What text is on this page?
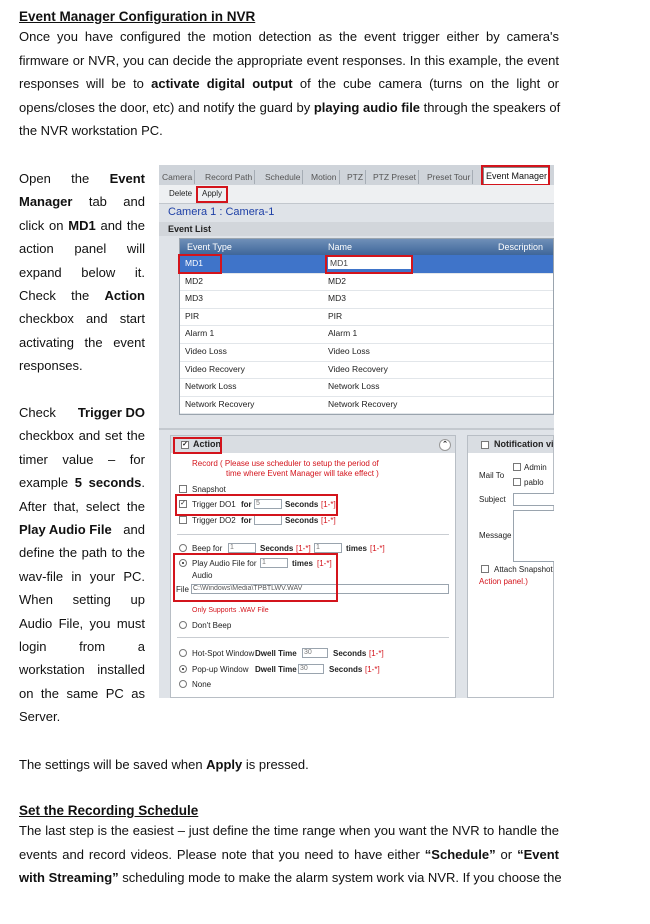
Event Manager Configuration in NVR
Once you have configured the motion detection as the event trigger either by camera's
firmware or NVR, you can decide the appropriate event responses. In this example, the event
responses will be to activate digital output of the cube camera (turns on the light or
opens/closes the door, etc) and notify the guard by playing audio file through the speakers of
the NVR workstation PC.
Open the Event
Manager tab and
click on MD1 and the
action panel will
expand below it.
Check the Action
checkbox and start
activating the event
responses.
Check Trigger DO
checkbox and set the
timer value – for
example 5 seconds.
After that, select the
Play Audio File and
define the path to the
wav-file in your PC.
When setting up
Audio File, you must
login	from	a
workstation installed
on the same PC as
Server.
Camera	Record Path	Schedule	Motion	PTZ	PTZ Preset	Preset Tour	Event Manager
Delete	Apply
Camera 1 : Camera-1
Event List
Event Type	Name	Description
MD1	MD1
MD2	MD2
MD3	MD3
PIR	PIR
Alarm 1	Alarm 1
Video Loss	Video Loss
Video Recovery	Video Recovery
Network Loss	Network Loss
Network Recovery	Network Recovery
✓ Action	⌃
Record ( Please use scheduler to setup the period of
time where Event Manager will take effect )
Snapshot
✓ Trigger DO1 for 5	Seconds [1-*]
Trigger DO2 for	Seconds [1-*]
Beep for 1	Seconds [1-*] 1	times [1-*]
Play Audio File for 1	times [1-*]
Audio
File C:\Windows\Media\TPBTLWV.WAV
Only Supports .WAV File
Don't Beep
Hot-Spot Window Dwell Time 30	Seconds [1-*]
Pop-up Window Dwell Time 30	Seconds [1-*]
None
Notification vi
Admin
Mail To
pablo
Subject
Message
Attach Snapshot
Action panel.)
The settings will be saved when Apply is pressed.
Set the Recording Schedule
The last step is the easiest – just define the time range when you want the NVR to handle the
events and record videos. Please note that you need to have either “Schedule” or “Event
with Streaming” scheduling mode to make the alarm system work via NVR. If you choose the
